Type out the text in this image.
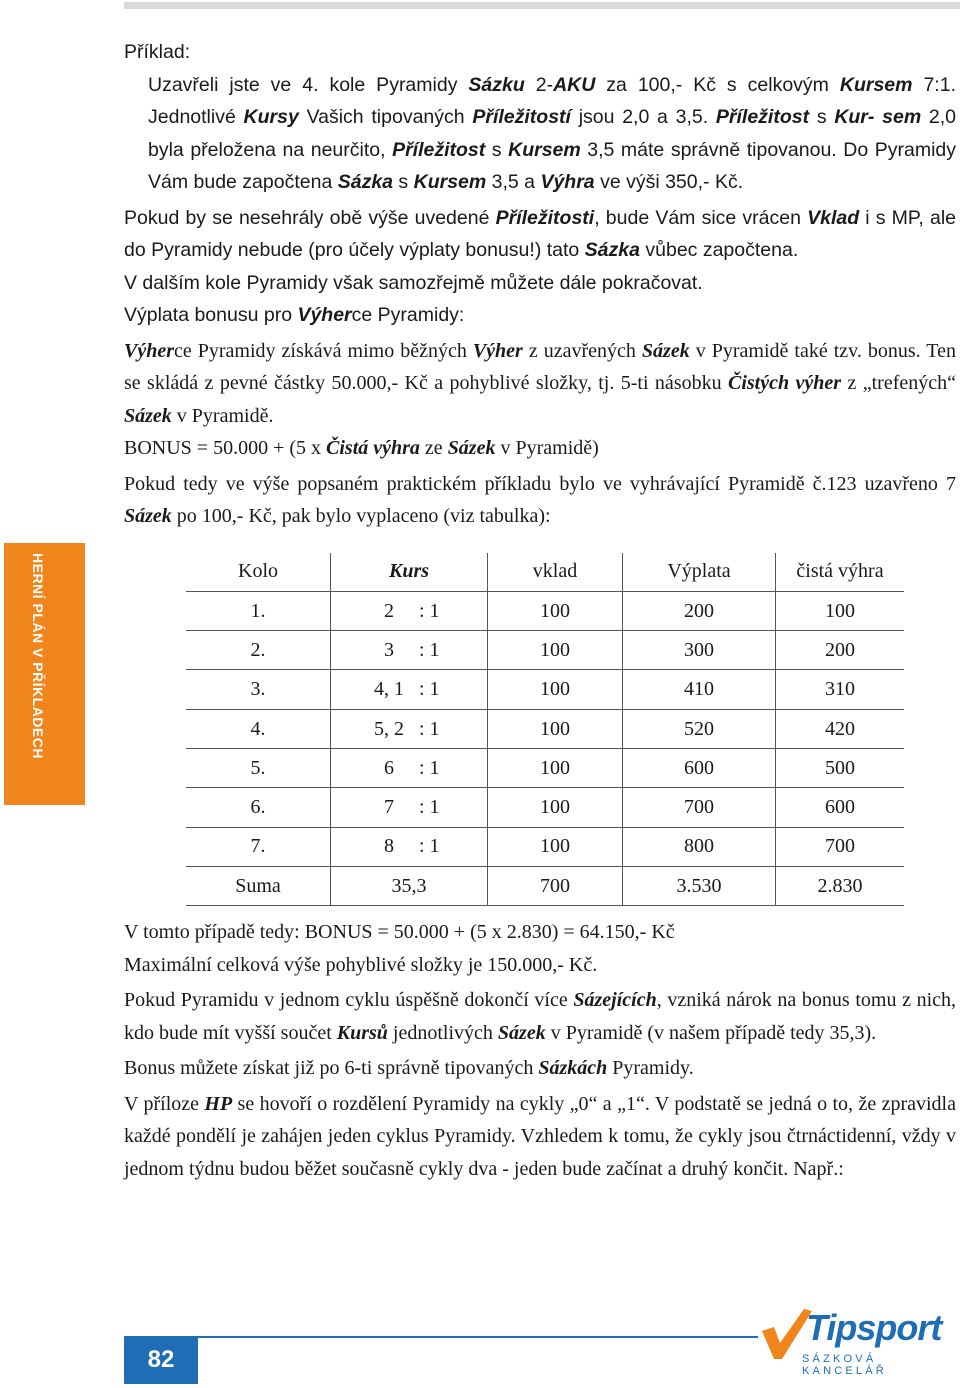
Příklad:

Uzavřeli jste ve 4. kole Pyramidy Sázku 2-AKU za 100,- Kč s celkovým Kursem 7:1. Jednotlivé Kursy Vašich tipovaných Příležitostí jsou 2,0 a 3,5. Příležitost s Kur- sem 2,0 byla přeložena na neurčito, Příležitost s Kursem 3,5 máte správně tipovanou. Do Pyramidy Vám bude započtena Sázka s Kursem 3,5 a Výhra ve výši 350,- Kč.

Pokud by se nesehrály obě výše uvedené Příležitosti, bude Vám sice vrácen Vklad i s MP, ale do Pyramidy nebude (pro účely výplaty bonusu!) tato Sázka vůbec započtena.

V dalším kole Pyramidy však samozřejmě můžete dále pokračovat.

Výplata bonusu pro Výherce Pyramidy:

Výherce Pyramidy získává mimo běžných Výher z uzavřených Sázek v Pyramidě také tzv. bonus. Ten se skládá z pevné částky 50.000,- Kč a pohyblivé složky, tj. 5-ti násobku Čistých výher z „trefených“ Sázek v Pyramidě.

BONUS = 50.000 + (5 x Čistá výhra ze Sázek v Pyramidě)

Pokud tedy ve výše popsaném praktickém příkladu bylo ve vyhrávající Pyramidě č.123 uzavřeno 7 Sázek po 100,- Kč, pak bylo vyplaceno (viz tabulka):

Kolo	Kurs	vklad	Výplata	čistá výhra
1.	2 : 1	100	200	100
2.	3 : 1	100	300	200
3.	4, 1 : 1	100	410	310
4.	5, 2 : 1	100	520	420
5.	6 : 1	100	600	500
6.	7 : 1	100	700	600
7.	8 : 1	100	800	700
Suma	35,3	700	3.530	2.830

V tomto případě tedy: BONUS = 50.000 + (5 x 2.830) = 64.150,- Kč

Maximální celková výše pohyblivé složky je 150.000,- Kč.

Pokud Pyramidu v jednom cyklu úspěšně dokončí více Sázejících, vzniká nárok na bonus tomu z nich, kdo bude mít vyšší součet Kursů jednotlivých Sázek v Pyramidě (v našem případě tedy 35,3).

Bonus můžete získat již po 6-ti správně tipovaných Sázkách Pyramidy.

V příloze HP se hovoří o rozdělení Pyramidy na cykly „0“ a „1“. V podstatě se jedná o to, že zpravidla každé pondělí je zahájen jeden cyklus Pyramidy. Vzhledem k tomu, že cykly jsou čtrnáctidenní, vždy v jednom týdnu budou běžet současně cykly dva - jeden bude začínat a druhý končit. Např.:

HERNÍ PLÁN V PŘÍKLADECH
82
Tipsport
SÁZKOVÁ KANCELÁŘ
